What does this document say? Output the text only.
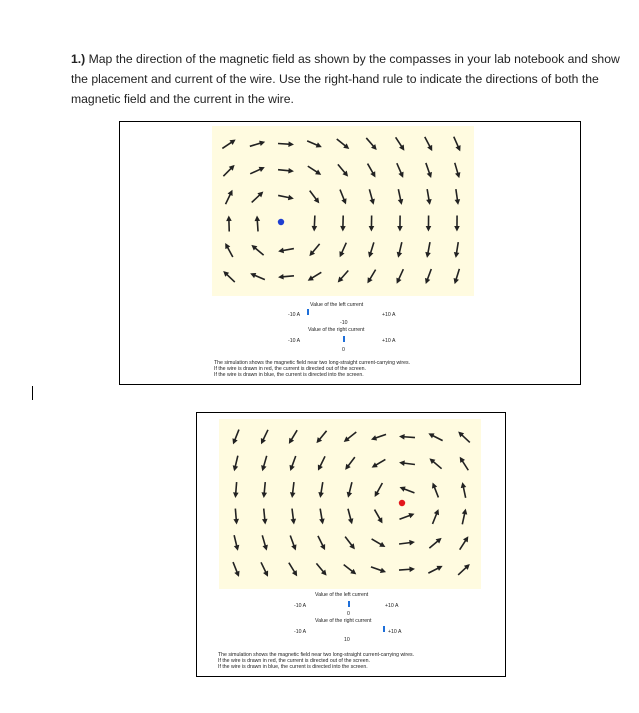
1.) Map the direction of the magnetic field as shown by the compasses in your lab notebook and show the placement and current of the wire. Use the right-hand rule to indicate the directions of both the magnetic field and the current in the wire.
Value of the left current
-10 A	+10 A
-10
Value of the right current
-10 A	+10 A
0
The simulation shows the magnetic field near two long-straight current-carrying wires.
If the wire is drawn in red, the current is directed out of the screen.
If the wire is drawn in blue, the current is directed into the screen.
Value of the left current
-10 A	+10 A
0
Value of the right current
-10 A	+10 A
10
The simulation shows the magnetic field near two long-straight current-carrying wires.
If the wire is drawn in red, the current is directed out of the screen.
If the wire is drawn in blue, the current is directed into the screen.
